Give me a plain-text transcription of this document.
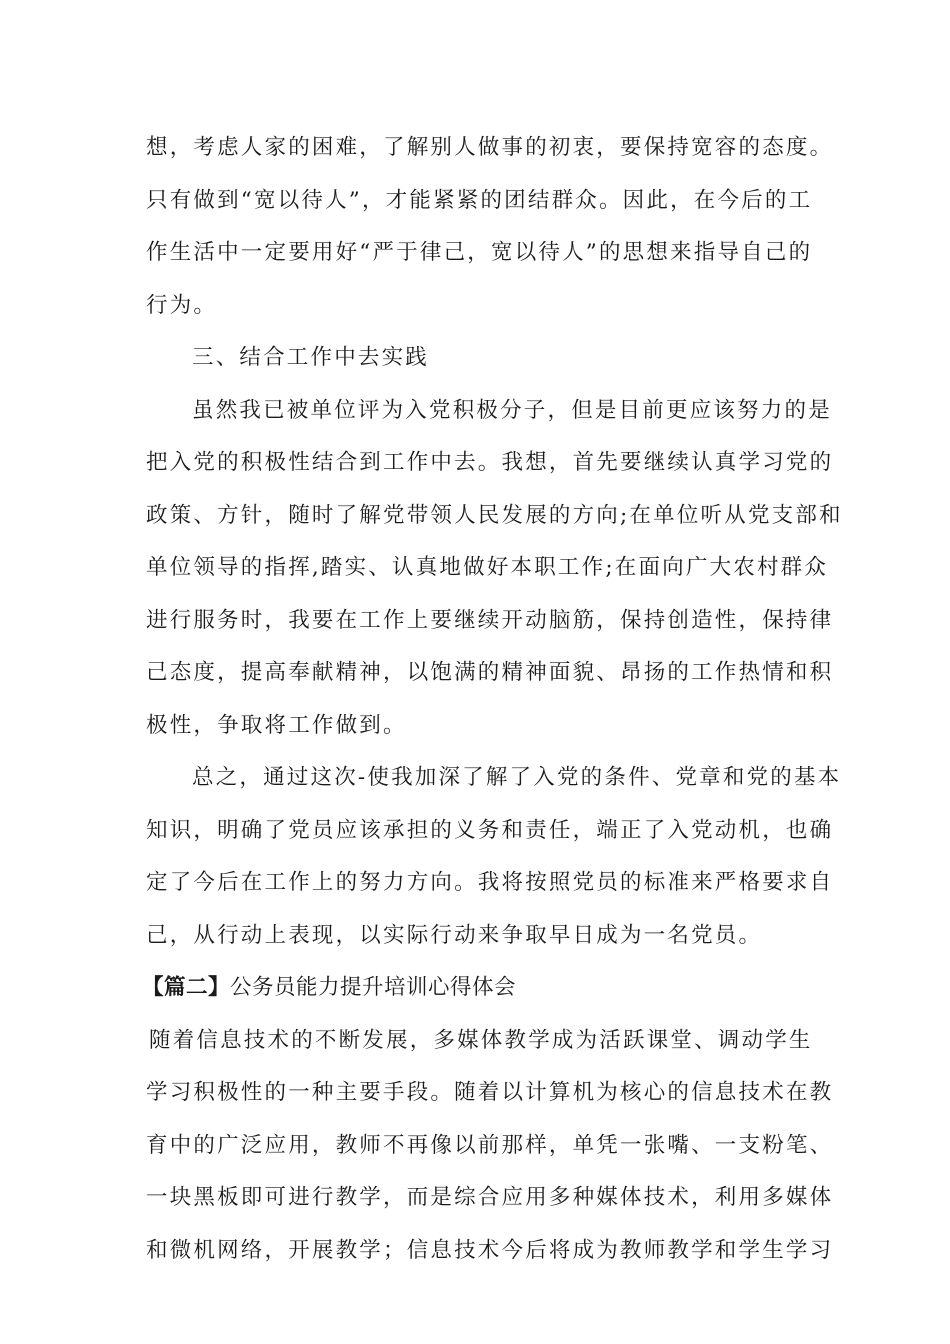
想，考虑人家的困难，了解别人做事的初衷，要保持宽容的态度。
只有做到“宽以待人”，才能紧紧的团结群众。因此，在今后的工
作生活中一定要用好“严于律己，宽以待人”的思想来指导自己的
行为。
三、结合工作中去实践
虽然我已被单位评为入党积极分子，但是目前更应该努力的是
把入党的积极性结合到工作中去。我想，首先要继续认真学习党的
政策、方针，随时了解党带领人民发展的方向;在单位听从党支部和
单位领导的指挥,踏实、认真地做好本职工作;在面向广大农村群众
进行服务时，我要在工作上要继续开动脑筋，保持创造性，保持律
己态度，提高奉献精神，以饱满的精神面貌、昂扬的工作热情和积
极性，争取将工作做到。
总之，通过这次-使我加深了解了入党的条件、党章和党的基本
知识，明确了党员应该承担的义务和责任，端正了入党动机，也确
定了今后在工作上的努力方向。我将按照党员的标准来严格要求自
己，从行动上表现，以实际行动来争取早日成为一名党员。
【篇二】公务员能力提升培训心得体会
随着信息技术的不断发展，多媒体教学成为活跃课堂、调动学生
学习积极性的一种主要手段。随着以计算机为核心的信息技术在教
育中的广泛应用，教师不再像以前那样，单凭一张嘴、一支粉笔、
一块黑板即可进行教学，而是综合应用多种媒体技术，利用多媒体
和微机网络，开展教学；信息技术今后将成为教师教学和学生学习
